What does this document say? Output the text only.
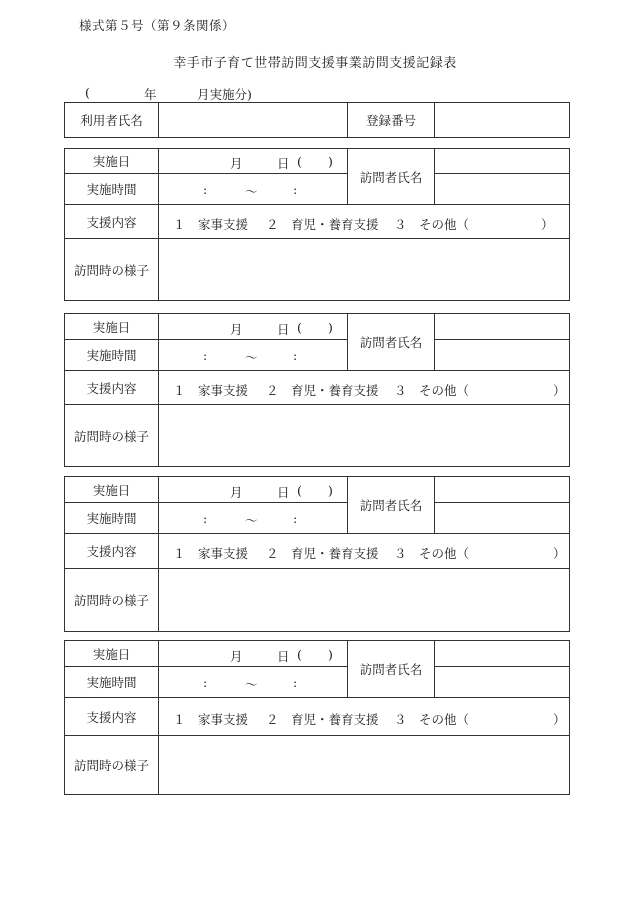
様式第５号（第９条関係）
幸手市子育て世帯訪問支援事業訪問支援記録表
(	年	月実施分)
利用者氏名		登録番号	
実施日	月 日 ( )	訪問者氏名	
実施時間	: 〜 :		

支援内容	１　家事支援 ２　育児・養育支援 ３　その他（ ）		

訪問時の様子			
実施日	月 日 ( )	訪問者氏名	
実施時間	: 〜 :		

支援内容	１　家事支援 ２　育児・養育支援 ３　その他（ ）		

訪問時の様子			
実施日	月 日 ( )	訪問者氏名	
実施時間	: 〜 :		

支援内容	１　家事支援 ２　育児・養育支援 ３　その他（ ）		

訪問時の様子			
実施日	月 日 ( )	訪問者氏名	
実施時間	: 〜 :		

支援内容	１　家事支援 ２　育児・養育支援 ３　その他（ ）		

訪問時の様子			
